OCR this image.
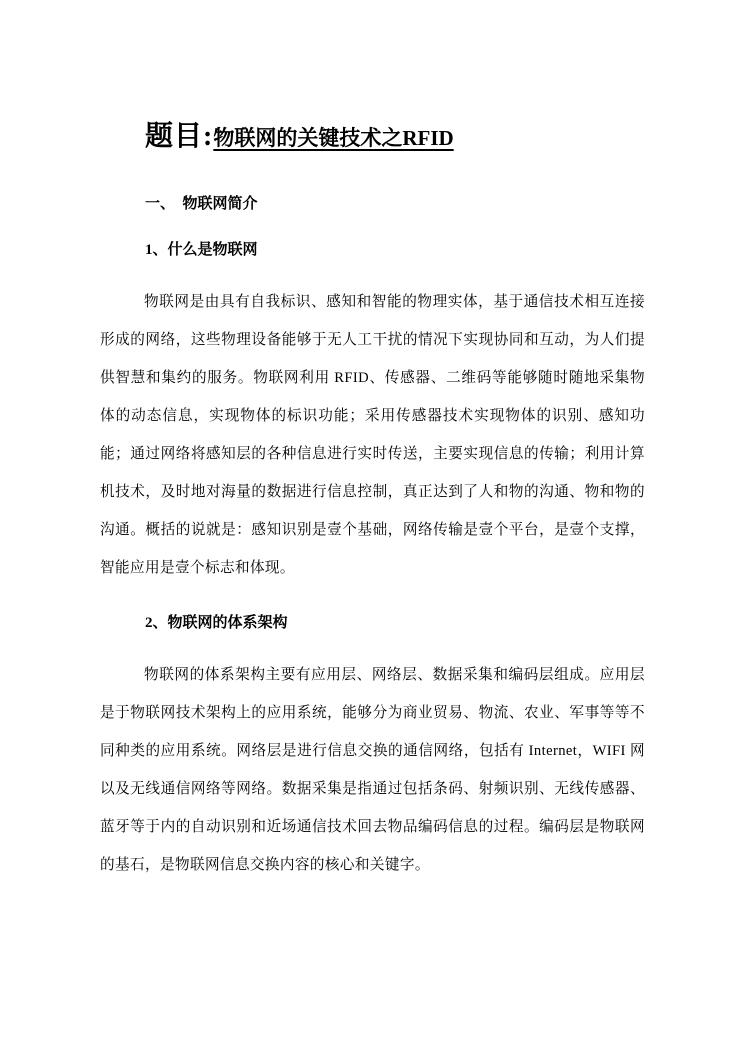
题目:物联网的关键技术之RFID
一、　物联网简介
1、什么是物联网

物联网是由具有自我标识、感知和智能的物理实体，基于通信技术相互连接形成的网络，这些物理设备能够于无人工干扰的情况下实现协同和互动，为人们提供智慧和集约的服务。物联网利用 RFID、传感器、二维码等能够随时随地采集物体的动态信息，实现物体的标识功能；采用传感器技术实现物体的识别、感知功能；通过网络将感知层的各种信息进行实时传送，主要实现信息的传输；利用计算机技术，及时地对海量的数据进行信息控制，真正达到了人和物的沟通、物和物的沟通。概括的说就是：感知识别是壹个基础，网络传输是壹个平台，是壹个支撑，智能应用是壹个标志和体现。

2、物联网的体系架构

物联网的体系架构主要有应用层、网络层、数据采集和编码层组成。应用层是于物联网技术架构上的应用系统，能够分为商业贸易、物流、农业、军事等等不同种类的应用系统。网络层是进行信息交换的通信网络，包括有 Internet，WIFI 网以及无线通信网络等网络。数据采集是指通过包括条码、射频识别、无线传感器、蓝牙等于内的自动识别和近场通信技术回去物品编码信息的过程。编码层是物联网的基石，是物联网信息交换内容的核心和关键字。
